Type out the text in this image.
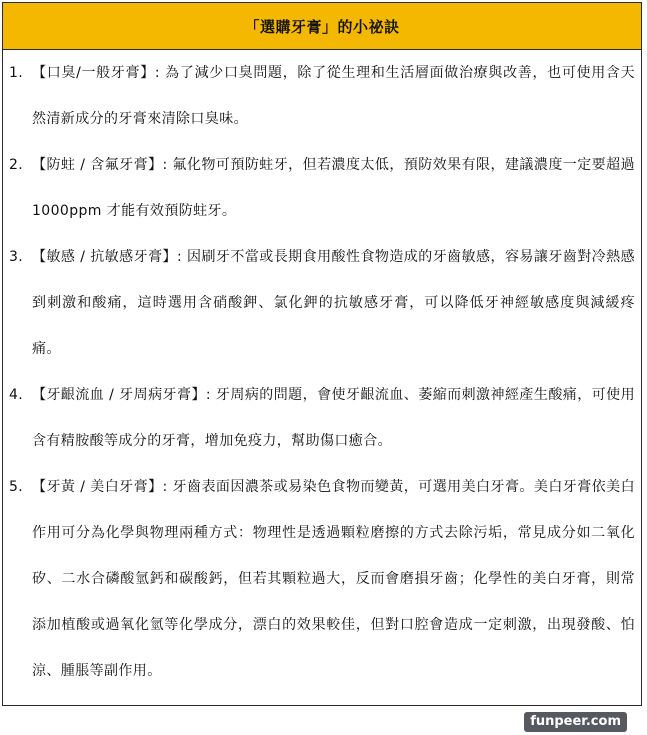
「選購牙膏」的小祕訣
1. 【口臭/一般牙膏】: 為了減少口臭問題，除了從生理和生活層面做治療與改善，也可使用含天然清新成分的牙膏來清除口臭味。
2. 【防蛀 / 含氟牙膏】: 氟化物可預防蛀牙，但若濃度太低，預防效果有限，建議濃度一定要超過 1000ppm 才能有效預防蛀牙。
3. 【敏感 / 抗敏感牙膏】: 因刷牙不當或長期食用酸性食物造成的牙齒敏感，容易讓牙齒對冷熱感到刺激和酸痛，這時選用含硝酸鉀、氯化鉀的抗敏感牙膏，可以降低牙神經敏感度與減緩疼痛。
4. 【牙齦流血 / 牙周病牙膏】: 牙周病的問題，會使牙齦流血、萎縮而刺激神經產生酸痛，可使用含有精胺酸等成分的牙膏，增加免疫力，幫助傷口癒合。
5. 【牙黃 / 美白牙膏】: 牙齒表面因濃茶或易染色食物而變黃，可選用美白牙膏。美白牙膏依美白作用可分為化學與物理兩種方式：物理性是透過顆粒磨擦的方式去除污垢，常見成分如二氧化矽、二水合磷酸氫鈣和碳酸鈣，但若其顆粒過大，反而會磨損牙齒；化學性的美白牙膏，則常添加植酸或過氧化氫等化學成分，漂白的效果較佳，但對口腔會造成一定刺激，出現發酸、怕涼、腫脹等副作用。
funpeer.com
